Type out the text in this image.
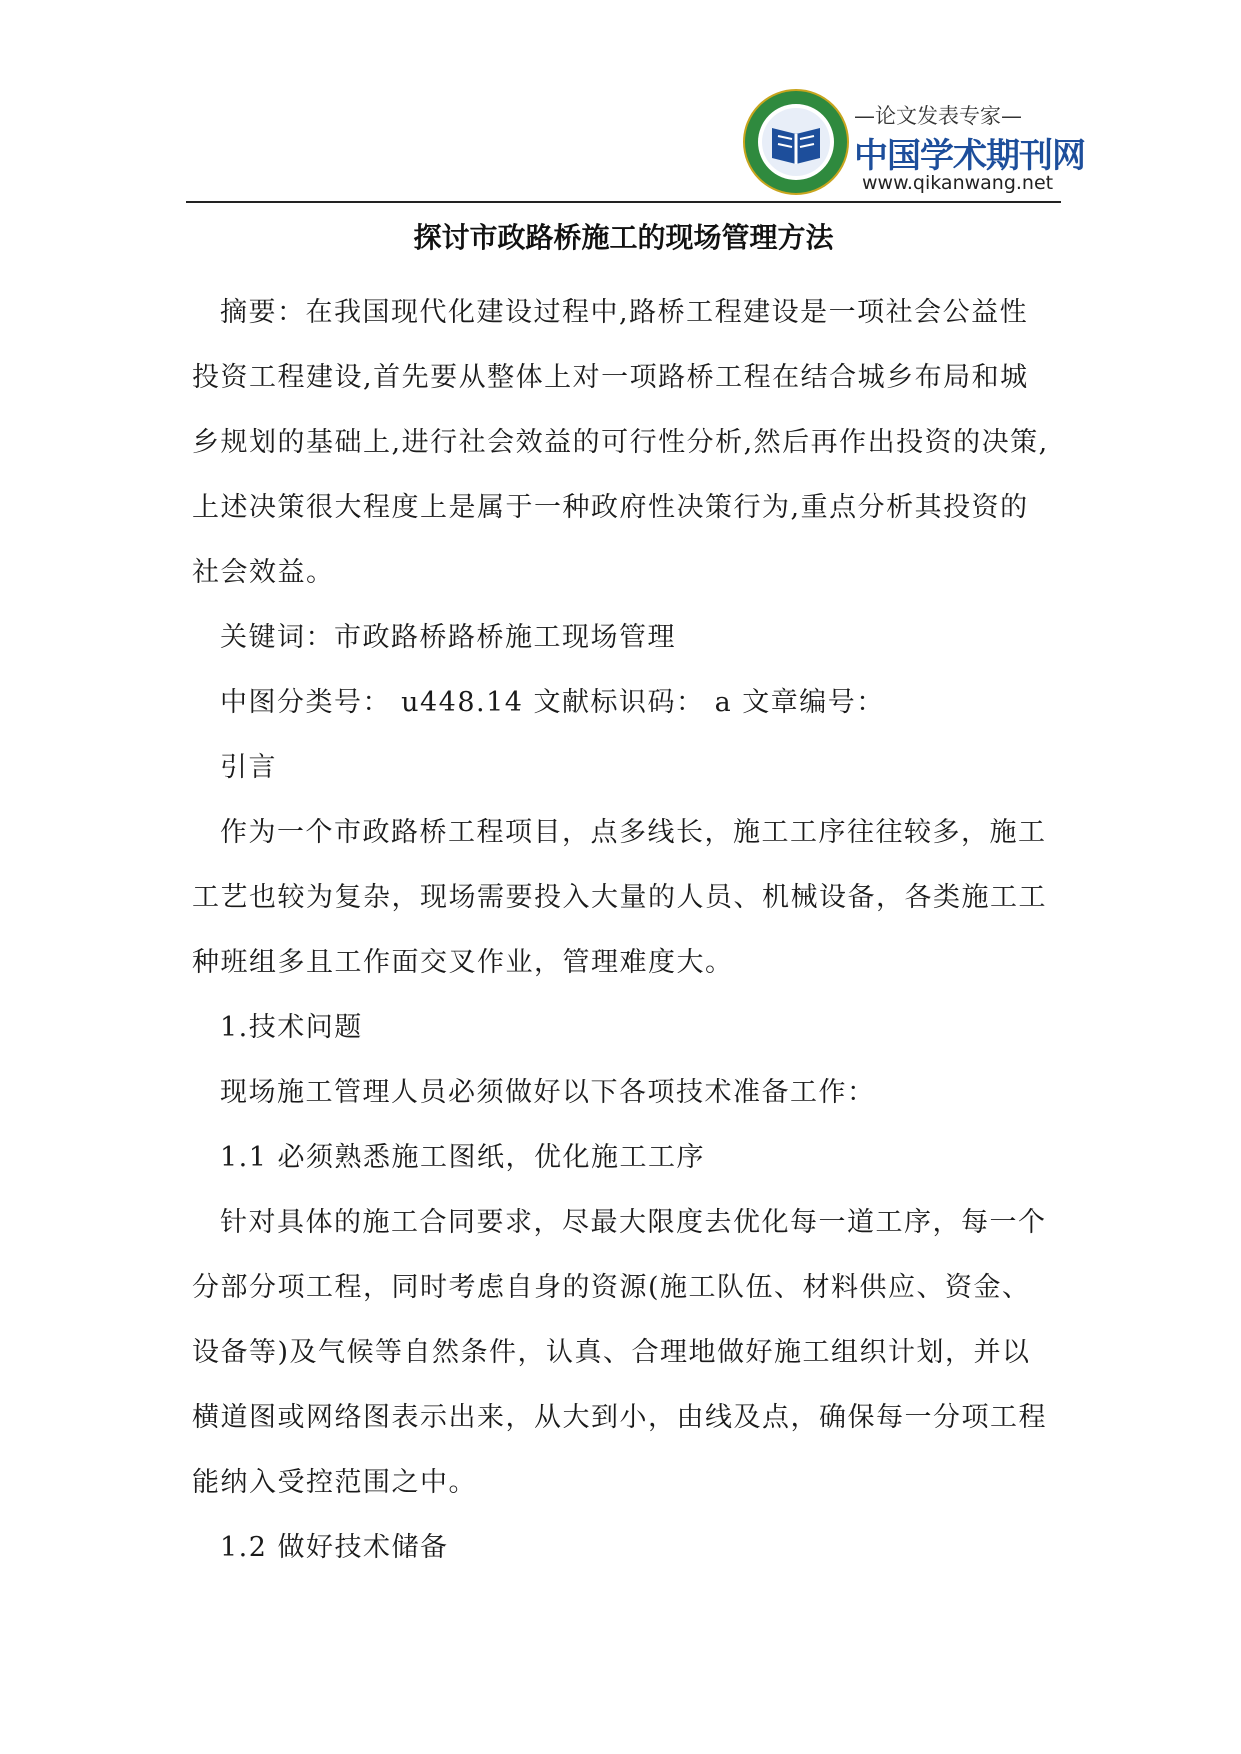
—论文发表专家—
中国学术期刊网
www.qikanwang.net
探讨市政路桥施工的现场管理方法

摘要：在我国现代化建设过程中,路桥工程建设是一项社会公益性投资工程建设,首先要从整体上对一项路桥工程在结合城乡布局和城乡规划的基础上,进行社会效益的可行性分析,然后再作出投资的决策,上述决策很大程度上是属于一种政府性决策行为,重点分析其投资的社会效益。

关键词：市政路桥路桥施工现场管理

中图分类号： u448.14 文献标识码： a 文章编号：

引言

作为一个市政路桥工程项目，点多线长，施工工序往往较多，施工工艺也较为复杂，现场需要投入大量的人员、机械设备，各类施工工种班组多且工作面交叉作业，管理难度大。

1.技术问题

现场施工管理人员必须做好以下各项技术准备工作：

1.1 必须熟悉施工图纸，优化施工工序

针对具体的施工合同要求，尽最大限度去优化每一道工序，每一个分部分项工程，同时考虑自身的资源(施工队伍、材料供应、资金、设备等)及气候等自然条件，认真、合理地做好施工组织计划，并以横道图或网络图表示出来，从大到小，由线及点，确保每一分项工程能纳入受控范围之中。

1.2 做好技术储备
